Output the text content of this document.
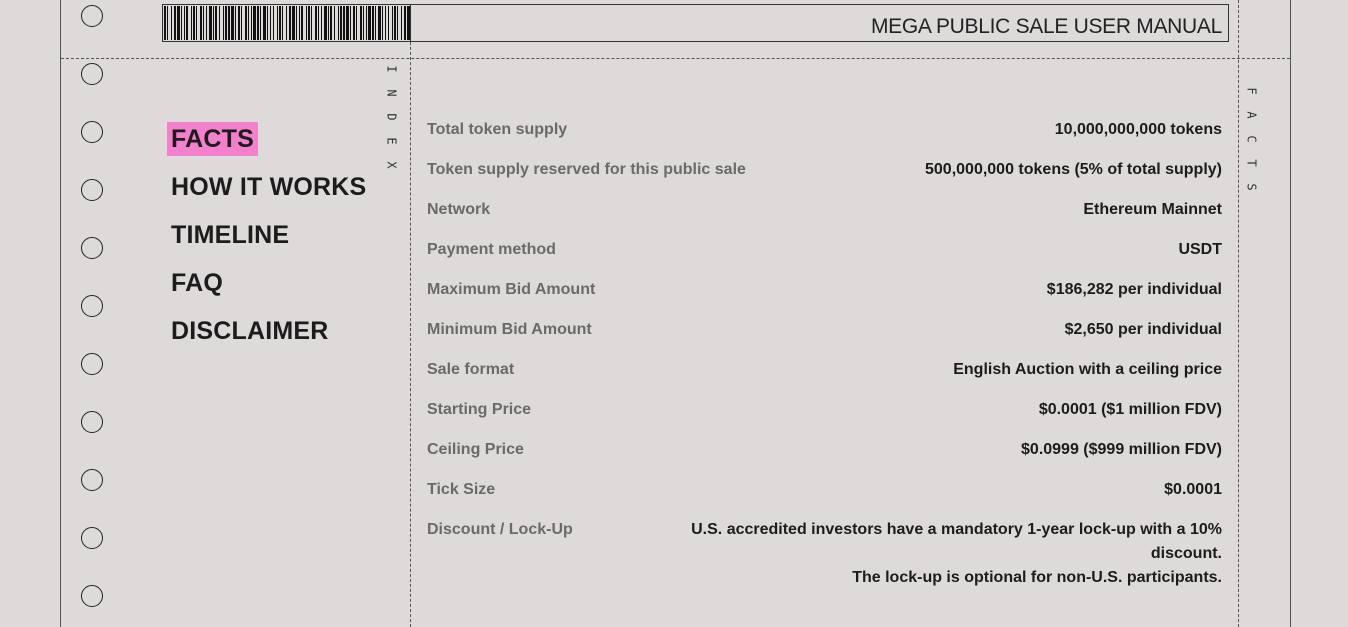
MEGA PUBLIC SALE USER MANUAL
I
N
D
E
X
F
A
C
T
S
FACTS
HOW IT WORKS
TIMELINE
FAQ
DISCLAIMER
Total token supply	10,000,000,000 tokens
Token supply reserved for this public sale	500,000,000 tokens (5% of total supply)
Network	Ethereum Mainnet
Payment method	USDT
Maximum Bid Amount	$186,282 per individual
Minimum Bid Amount	$2,650 per individual
Sale format	English Auction with a ceiling price
Starting Price	$0.0001 ($1 million FDV)
Ceiling Price	$0.0999 ($999 million FDV)
Tick Size	$0.0001
Discount / Lock-Up	U.S. accredited investors have a mandatory 1-year lock-up with a 10%
discount.
The lock-up is optional for non-U.S. participants.
